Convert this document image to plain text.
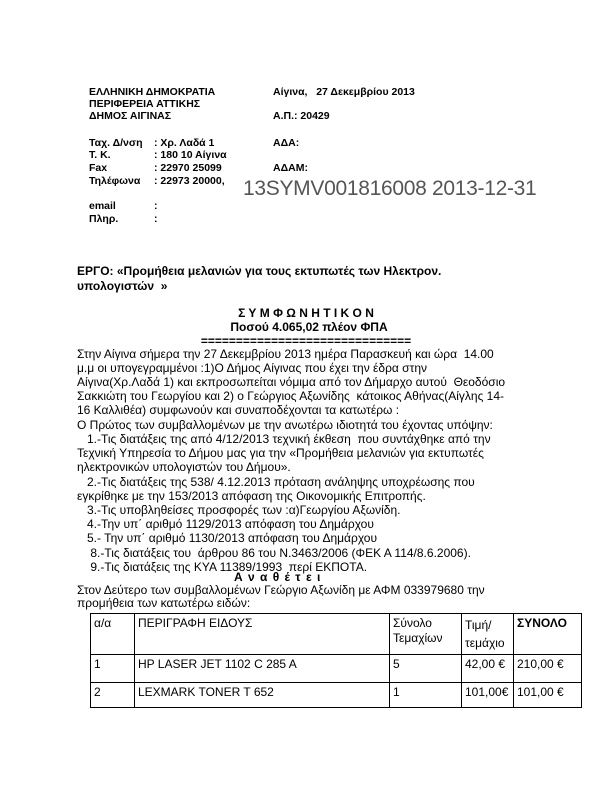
ΕΛΛΗΝΙΚΗ ΔΗΜΟΚΡΑΤΙΑ
ΠΕΡΙΦΕΡΕΙΑ ΑΤΤΙΚΗΣ
ΔΗΜΟΣ ΑΙΓΙΝΑΣ
Αίγινα,   27 Δεκεμβρίου 2013
Α.Π.: 20429
ΑΔΑ:
ΑΔΑΜ:
Ταχ. Δ/νση : Χρ. Λαδά 1
Τ. Κ.	: 180 10 Αίγινα
Fax	: 22970 25099
Τηλέφωνα : 22973 20000,
email	:
Πληρ.	:
13SYMV001816008 2013-12-31
ΕΡΓΟ: «Προμήθεια μελανιών για τους εκτυπωτές των Ηλεκτρον.
υπολογιστών  »
Σ Υ Μ Φ Ω Ν Η Τ Ι Κ Ο Ν
Ποσού 4.065,02 πλέον ΦΠΑ
==============================
Στην Αίγινα σήμερα την 27 Δεκεμβρίου 2013 ημέρα Παρασκευή και ώρα  14.00
μ.μ οι υπογεγραμμένοι :1)Ο Δήμος Αίγινας που έχει την έδρα στην
Αίγινα(Χρ.Λαδά 1) και εκπροσωπείται νόμιμα από τον Δήμαρχο αυτού  Θεοδόσιο
Σακκιώτη του Γεωργίου και 2) ο Γεώργιος Αξωνίδης  κάτοικος Αθήνας(Αίγλης 14-
16 Καλλιθέα) συμφωνούν και συναποδέχονται τα κατωτέρω :
Ο Πρώτος των συμβαλλομένων με την ανωτέρω ιδιοτητά του έχοντας υπόψην:
1.-Τις διατάξεις της από 4/12/2013 τεχνική έκθεση  που συντάχθηκε από την
Τεχνική Υπηρεσία το Δήμου μας για την «Προμήθεια μελανιών για εκτυπωτές
ηλεκτρονικών υπολογιστών του Δήμου».
2.-Τις διατάξεις της 538/ 4.12.2013 πρόταση ανάληψης υποχρέωσης που
εγκρίθηκε με την 153/2013 απόφαση της Οικονομικής Επιτροπής.
3.-Τις υποβληθείσες προσφορές των :α)Γεωργίου Αξωνίδη.
4.-Την υπ΄ αριθμό 1129/2013 απόφαση του Δημάρχου
5.- Την υπ΄ αριθμό 1130/2013 απόφαση του Δημάρχου
8.-Τις διατάξεις του  άρθρου 86 του Ν.3463/2006 (ΦΕΚ Α 114/8.6.2006).
9.-Τις διατάξεις της ΚΥΑ 11389/1993  περί ΕΚΠΟΤΑ.
Α ν α θ έ τ ε ι
Στον Δεύτερο των συμβαλλομένων Γεώργιο Αξωνίδη με ΑΦΜ 033979680 την
προμήθεια των κατωτέρω ειδών:
α/α	ΠΕΡΙΓΡΑΦΗ ΕΙΔΟΥΣ	Σύνολο Τεμαχίων	Τιμή/ τεμάχιο	ΣΥΝΟΛΟ
1	HP LASER JET 1102 C 285 A	5	42,00 €	210,00 €
2	LEXMARK TONER T 652	1	101,00€	101,00 €
